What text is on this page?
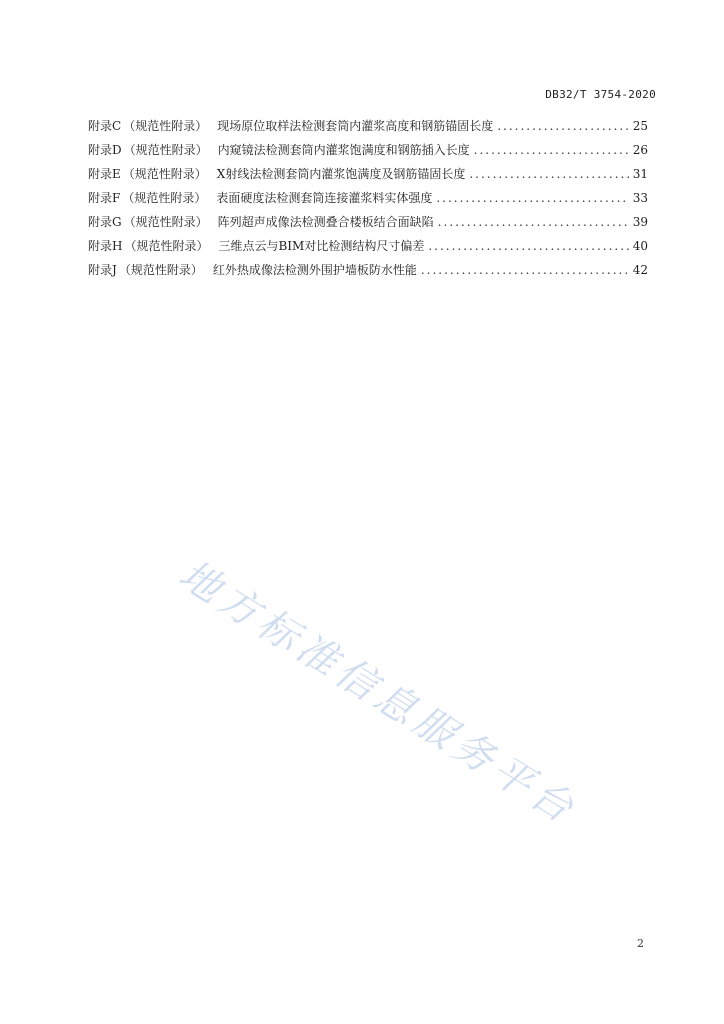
DB32/T 3754-2020
附录C （规范性附录） 现场原位取样法检测套筒内灌浆高度和钢筋锚固长度 .....	25
附录D （规范性附录） 内窥镜法检测套筒内灌浆饱满度和钢筋插入长度 .....	26
附录E （规范性附录） X射线法检测套筒内灌浆饱满度及钢筋锚固长度 .....	31
附录F （规范性附录） 表面硬度法检测套筒连接灌浆料实体强度 .....	33
附录G （规范性附录） 阵列超声成像法检测叠合楼板结合面缺陷 .....	39
附录H （规范性附录） 三维点云与BIM对比检测结构尺寸偏差 .....	40
附录J （规范性附录） 红外热成像法检测外围护墙板防水性能 .....	42
地方标准信息服务平台
2
